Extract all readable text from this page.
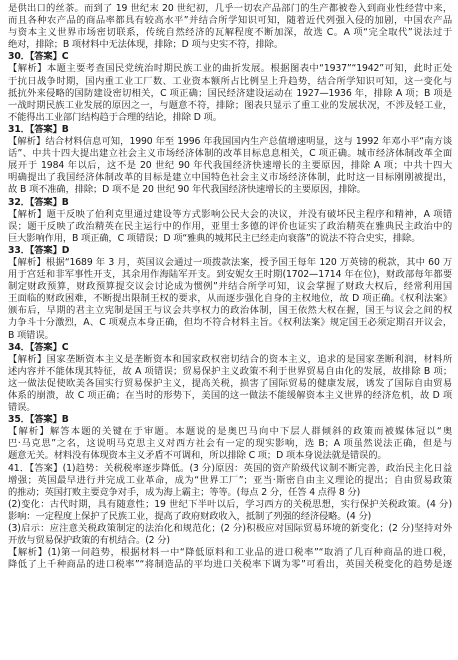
是供出口的丝茶。而到了 19 世纪末 20 世纪初，几乎一切农产品部门的生产都被卷入到商业性经营中来，
而且各种农产品的商品率都具有较高水平”并结合所学知识可知，随着近代列强入侵的加剧，中国农产品
与资本主义世界市场密切联系，传统自然经济的瓦解程度不断加深，故选 C。A 项“完全取代”说法过于
绝对，排除；B 项材料中无法体现，排除；D 项与史实不符，排除。
30．【答案】C
【解析】本题主要考查国民党统治时期民族工业的曲折发展。根据图表中“1937”“1942”可知，此时正处
于抗日战争时期，国内重工业工厂数、工业资本额所占比例呈上升趋势，结合所学知识可知，这一变化与
抵抗外来侵略的国防建设密切相关，C 项正确；国民经济建设运动在 1927—1936 年，排除 A 项；B 项是
一战时期民族工业发展的原因之一，与题意不符，排除；图表只显示了重工业的发展状况，不涉及轻工业，
不能得出工业部门结构趋于合理的结论，排除 D 项。
31．【答案】B
【解析】结合材料信息可知，1990 年至 1996 年我国国内生产总值增速明显，这与 1992 年邓小平“南方谈
话”、中共十四大提出建立社会主义市场经济体制的改革目标息息相关，C 项正确。城市经济体制改革全面
展开于 1984 年以后，这不是 20 世纪 90 年代我国经济快速增长的主要原因，排除 A 项；中共十四大
明确提出了我国经济体制改革的目标是建立中国特色社会主义市场经济体制，此时这一目标刚刚被提出，
故 B 项不准确，排除；D 项不是 20 世纪 90 年代我国经济快速增长的主要原因，排除。
32．【答案】B
【解析】题干反映了伯利克里通过建设等方式影响公民大会的决议，并没有破坏民主程序和精神，A 项错
误；题干反映了政治精英在民主运行中的作用，亚里士多德的评价也证实了政治精英在雅典民主政治中的
巨大影响作用，B 项正确，C 项错误；D 项“雅典的城邦民主已经走向衰落”的说法不符合史实，排除。
33．【答案】D
【解析】根据“1689 年 3 月，英国议会通过一项拨款法案，授予国王每年 120 万英镑的税款，其中 60 万
用于宫廷和非军事性开支，其余用作海陆军开支。到安妮女王时期(1702—1714 年在位)，财政部每年都要
制定财政预算，财政预算提交议会讨论成为惯例”并结合所学可知，议会掌握了财政大权后，经常利用国
王面临的财政困难，不断提出限制王权的要求，从而逐步强化自身的主权地位，故 D 项正确。《权利法案》
颁布后，早期的君主立宪制是国王与议会共享权力的政治体制，国王依然大权在握，国王与议会之间的权
力争斗十分激烈，A、C 项观点本身正确，但均不符合材料主旨。《权利法案》规定国王必须定期召开议会，
B 项错误。
34．【答案】C
【解析】国家垄断资本主义是垄断资本和国家政权密切结合的资本主义，追求的是国家垄断利润，材料所
述内容并不能体现其特征，故 A 项错误；贸易保护主义政策不利于世界贸易自由化的发展，故排除 B 项；
这一做法促使欧美各国实行贸易保护主义，提高关税，损害了国际贸易的健康发展，诱发了国际自由贸易
体系的崩溃，故 C 项正确；在当时的形势下，美国的这一做法不能缓解资本主义世界的经济危机，故 D 项
错误。
35．【答案】B
【解析】解答本题的关键在于审题。本题说的是奥巴马向中下层人群倾斜的政策而被媒体冠以“奥
巴·马克思”之名，这说明马克思主义对西方社会有一定的现实影响，选 B；A 项虽然说法正确，但是与
题意无关。材料没有体现资本主义矛盾不可调和，所以排除 C 项；D 项本身说法就是错误的。
41．【答案】(1)趋势：关税税率逐步降低。(3 分)原因：英国的资产阶级代议制不断完善，政治民主化日益
增强；英国最早进行并完成工业革命，成为“世界工厂”；亚当·斯密自由主义理论的提出；自由贸易政策
的推动；英国打败主要竞争对手，成为海上霸主；等等。(每点 2 分，任答 4 点得 8 分)
(2)变化：古代时期，具有随意性；19 世纪下半叶以后，学习西方的关税思想，实行保护关税政策。(4 分)
影响：一定程度上保护了民族工业，提高了政府财政收入，抵制了列强的经济侵略。(4 分)
(3)启示：应注意关税政策制定的法治化和规范化；(2 分)积极应对国际贸易环境的新变化；(2 分)坚持对外
开放与贸易保护政策的有机结合。(2 分)
【解析】(1)第一问趋势，根据材料一中“降低原料和工业品的进口税率”“取消了几百种商品的进口税，
降低了上千种商品的进口税率”“将制造品的平均进口关税率下调为零”可看出，英国关税变化的趋势是逐
